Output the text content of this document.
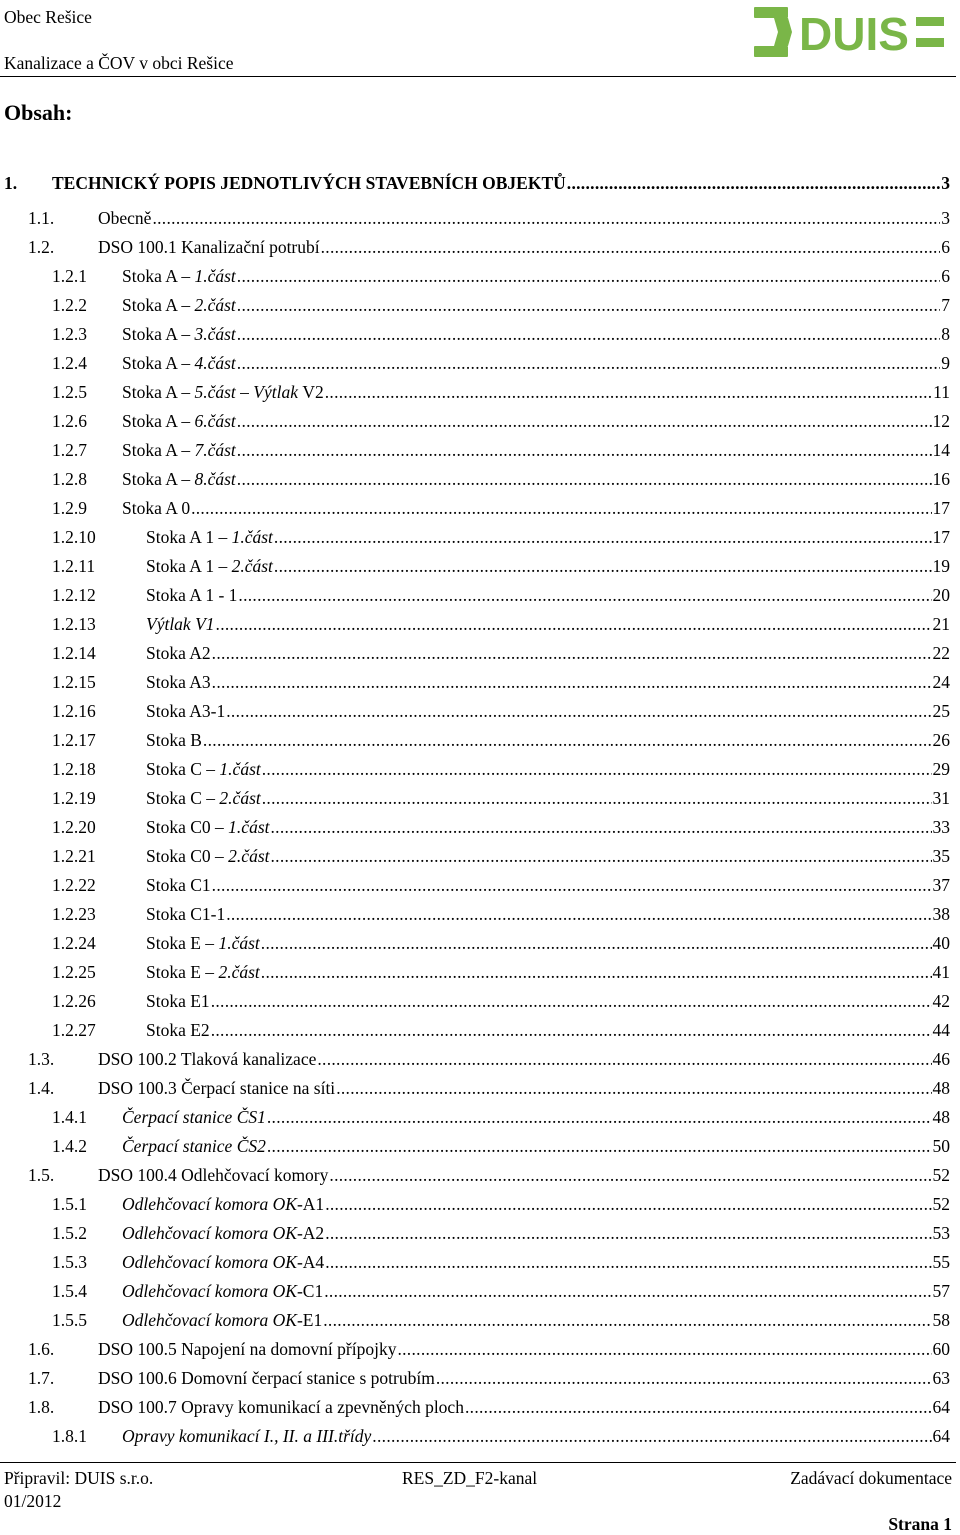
Obec Rešice
Kanalizace a ČOV v obci Rešice
DUIS
Obsah:
1. TECHNICKÝ POPIS JEDNOTLIVÝCH STAVEBNÍCH OBJEKTŮ .....	3
1.1.	Obecně .....	3
1.2.	DSO 100.1 Kanalizační potrubí .....	6
1.2.1 Stoka A – 1.část .....	6
1.2.2 Stoka A – 2.část .....	7
1.2.3 Stoka A – 3.část .....	8
1.2.4 Stoka A – 4.část .....	9
1.2.5 Stoka A – 5.část – Výtlak V2 .....	11
1.2.6 Stoka A – 6.část .....	12
1.2.7 Stoka A – 7.část .....	14
1.2.8 Stoka A – 8.část .....	16
1.2.9 Stoka A 0 .....	17
1.2.10	Stoka A 1 – 1.část .....	17
1.2.11	Stoka A 1 – 2.část .....	19
1.2.12	Stoka A 1 - 1 .....	20
1.2.13	Výtlak V1 .....	21
1.2.14	Stoka A2 .....	22
1.2.15	Stoka A3 .....	24
1.2.16	Stoka A3-1 .....	25
1.2.17	Stoka B .....	26
1.2.18	Stoka C – 1.část .....	29
1.2.19	Stoka C – 2.část .....	31
1.2.20	Stoka C0 – 1.část .....	33
1.2.21	Stoka C0 – 2.část .....	35
1.2.22	Stoka C1 .....	37
1.2.23	Stoka C1-1 .....	38
1.2.24	Stoka E – 1.část .....	40
1.2.25	Stoka E – 2.část .....	41
1.2.26	Stoka E1 .....	42
1.2.27	Stoka E2 .....	44
1.3.	DSO 100.2 Tlaková kanalizace .....	46
1.4.	DSO 100.3 Čerpací stanice na síti .....	48
1.4.1 Čerpací stanice ČS1 .....	48
1.4.2 Čerpací stanice ČS2 .....	50
1.5.	DSO 100.4 Odlehčovací komory .....	52
1.5.1 Odlehčovací komora OK-A1 .....	52
1.5.2 Odlehčovací komora OK-A2 .....	53
1.5.3 Odlehčovací komora OK-A4 .....	55
1.5.4 Odlehčovací komora OK-C1 .....	57
1.5.5 Odlehčovací komora OK-E1 .....	58
1.6.	DSO 100.5 Napojení na domovní přípojky .....	60
1.7.	DSO 100.6 Domovní čerpací stanice s potrubím .....	63
1.8.	DSO 100.7 Opravy komunikací a zpevněných ploch .....	64
1.8.1 Opravy komunikací I., II. a III.třídy .....	64
Připravil: DUIS s.r.o.
01/2012
RES_ZD_F2-kanal	Zadávací dokumentace
Strana 1
